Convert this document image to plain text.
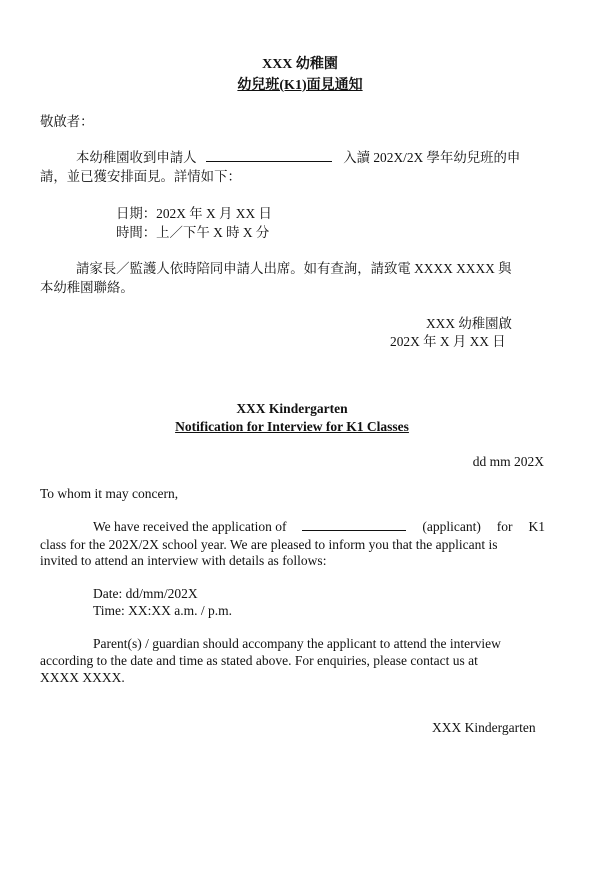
XXX 幼稚園
幼兒班(K1)面見通知
敬啟者：
本幼稚園收到申請人	入讀 202X/2X 學年幼兒班的申
請，並已獲安排面見。詳情如下：
日期：202X 年 X 月 XX 日
時間：上／下午 X 時 X 分
請家長／監護人依時陪同申請人出席。如有查詢，請致電 XXXX XXXX 與
本幼稚園聯絡。
XXX 幼稚園啟
202X 年 X 月 XX 日
XXX Kindergarten
Notification for Interview for K1 Classes
dd mm 202X
To whom it may concern,
We have received the application of	(applicant) for K1
class for the 202X/2X school year. We are pleased to inform you that the applicant is
invited to attend an interview with details as follows:
Date: dd/mm/202X
Time: XX:XX a.m. / p.m.
Parent(s) / guardian should accompany the applicant to attend the interview
according to the date and time as stated above. For enquiries, please contact us at
XXXX XXXX.
XXX Kindergarten
